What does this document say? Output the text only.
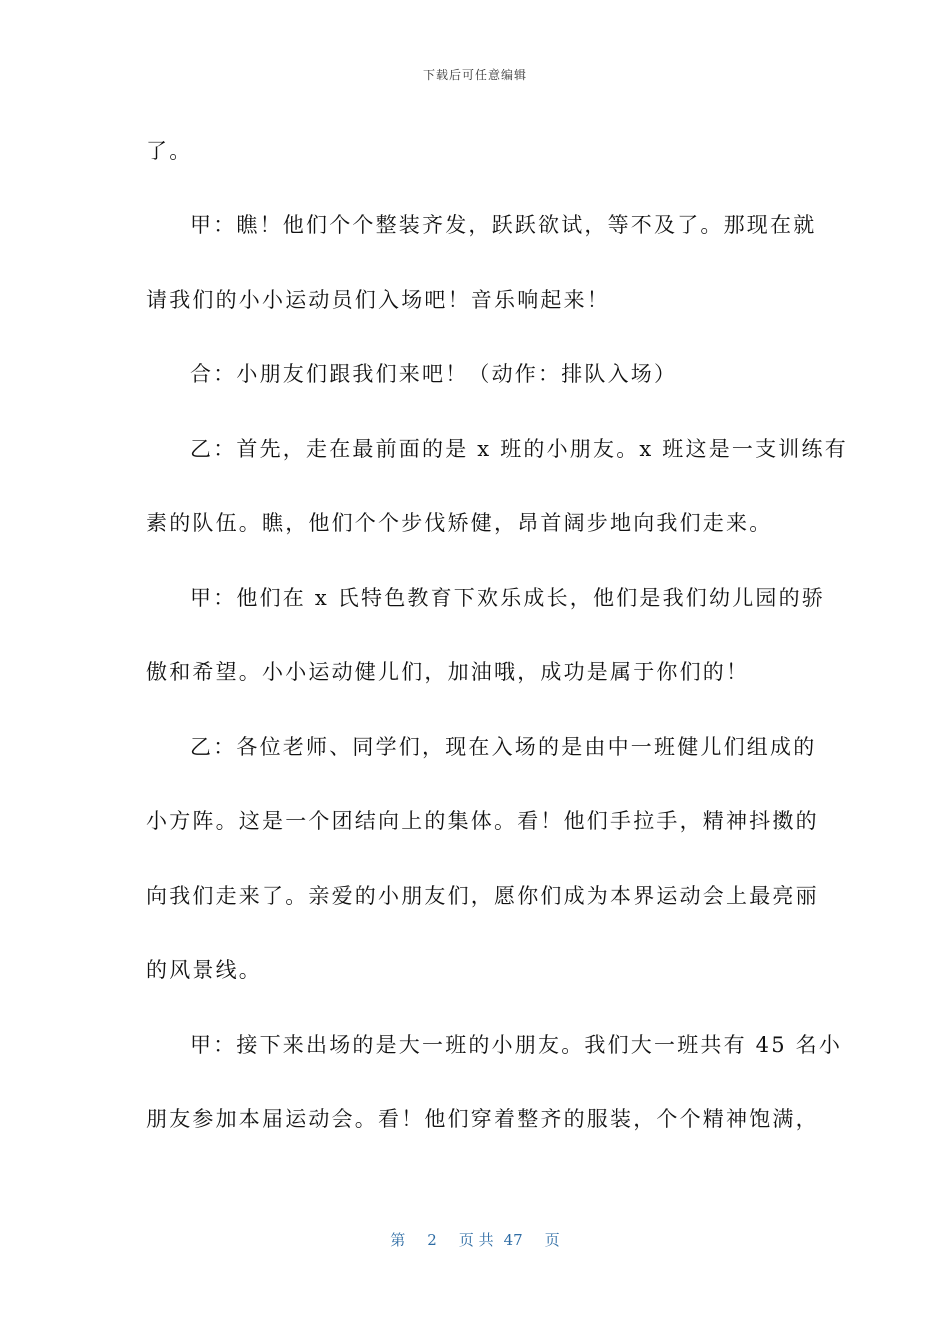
下载后可任意编辑
了。
甲：瞧！他们个个整装齐发，跃跃欲试，等不及了。那现在就
请我们的小小运动员们入场吧！音乐响起来！
合：小朋友们跟我们来吧！（动作：排队入场）
乙：首先，走在最前面的是 x 班的小朋友。x 班这是一支训练有
素的队伍。瞧，他们个个步伐矫健，昂首阔步地向我们走来。
甲：他们在 x 氏特色教育下欢乐成长，他们是我们幼儿园的骄
傲和希望。小小运动健儿们，加油哦，成功是属于你们的！
乙：各位老师、同学们，现在入场的是由中一班健儿们组成的
小方阵。这是一个团结向上的集体。看！他们手拉手，精神抖擞的
向我们走来了。亲爱的小朋友们，愿你们成为本界运动会上最亮丽
的风景线。
甲：接下来出场的是大一班的小朋友。我们大一班共有 45 名小
朋友参加本届运动会。看！他们穿着整齐的服装，个个精神饱满，
第 2 页 共 47 页
